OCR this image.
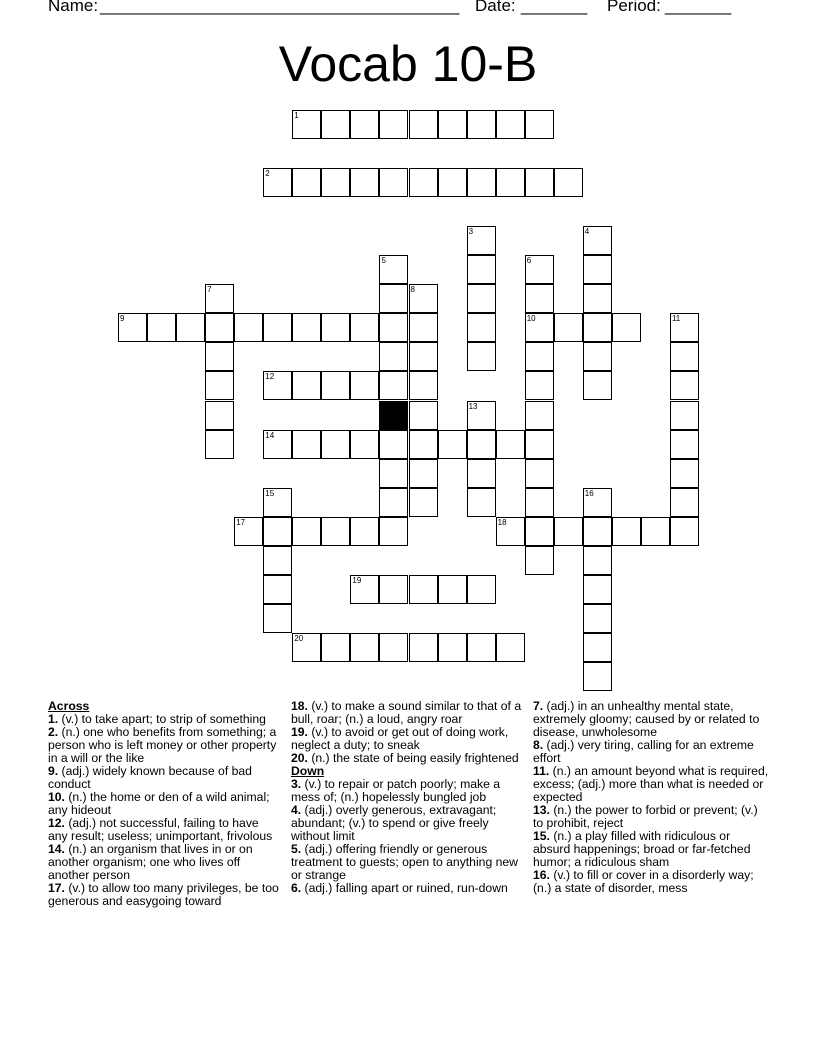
Name: ______________________________________ Date: _______ Period: _______
Vocab 10-B
1
2
9	10
12
14
17	18
19
20
3	4
5	6
7	8
11
13
15	16
Across
1. (v.) to take apart; to strip of something
2. (n.) one who benefits from something; a person who is left money or other property in a will or the like
9. (adj.) widely known because of bad conduct
10. (n.) the home or den of a wild animal; any hideout
12. (adj.) not successful, failing to have any result; useless; unimportant, frivolous
14. (n.) an organism that lives in or on another organism; one who lives off another person
17. (v.) to allow too many privileges, be too generous and easygoing toward
18. (v.) to make a sound similar to that of a bull, roar; (n.) a loud, angry roar
19. (v.) to avoid or get out of doing work, neglect a duty; to sneak
20. (n.) the state of being easily frightened
Down
3. (v.) to repair or patch poorly; make a mess of; (n.) hopelessly bungled job
4. (adj.) overly generous, extravagant; abundant; (v.) to spend or give freely without limit
5. (adj.) offering friendly or generous treatment to guests; open to anything new or strange
6. (adj.) falling apart or ruined, run-down
7. (adj.) in an unhealthy mental state, extremely gloomy; caused by or related to disease, unwholesome
8. (adj.) very tiring, calling for an extreme effort
11. (n.) an amount beyond what is required, excess; (adj.) more than what is needed or expected
13. (n.) the power to forbid or prevent; (v.) to prohibit, reject
15. (n.) a play filled with ridiculous or absurd happenings; broad or far-fetched humor; a ridiculous sham
16. (v.) to fill or cover in a disorderly way; (n.) a state of disorder, mess
